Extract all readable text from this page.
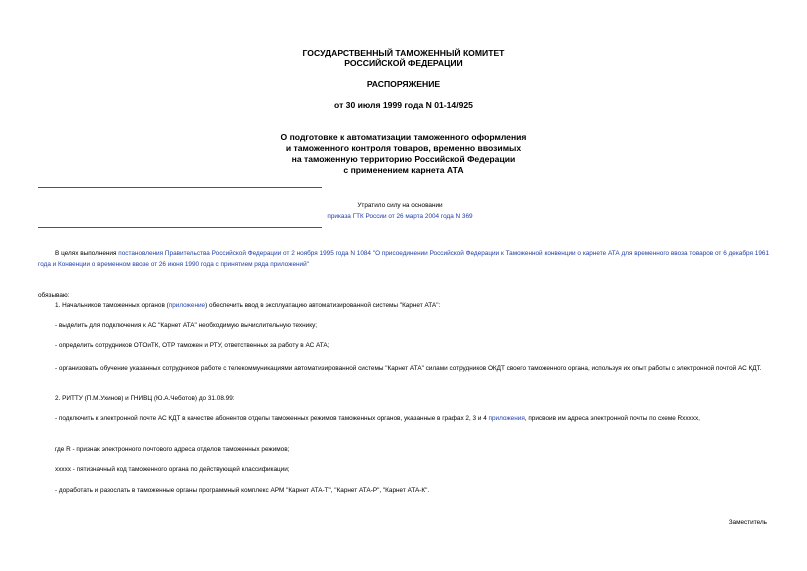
ГОСУДАРСТВЕННЫЙ ТАМОЖЕННЫЙ КОМИТЕТ
РОССИЙСКОЙ ФЕДЕРАЦИИ
РАСПОРЯЖЕНИЕ
от 30 июля 1999 года N 01-14/925
О подготовке к автоматизации таможенного оформления
и таможенного контроля товаров, временно ввозимых
на таможенную территорию Российской Федерации
с применением карнета АТА
Утратило силу на основании
приказа ГТК России от 26 марта 2004 года N 369
В целях выполнения постановления Правительства Российской Федерации от 2 ноября 1995 года N 1084 "О присоединении Российской Федерации к Таможенной конвенции о карнете АТА для временного ввоза товаров от 6 декабря 1961 года и Конвенции о временном ввозе от 26 июня 1990 года с принятием ряда приложений"
обязываю:
1. Начальников таможенных органов (приложение) обеспечить ввод в эксплуатацию автоматизированной системы "Карнет АТА":
- выделить для подключения к АС "Карнет АТА" необходимую вычислительную технику;
- определить сотрудников ОТОиТК, ОТР таможен и РТУ, ответственных за работу в АС АТА;
- организовать обучение указанных сотрудников работе с телекоммуникациями автоматизированной системы "Карнет АТА" силами сотрудников ОКДТ своего таможенного органа, используя их опыт работы с электронной почтой АС КДТ.
2. РИТТУ (П.М.Ухинов) и ГНИВЦ (Ю.А.Чеботов) до 31.08.99:
- подключить к электронной почте АС КДТ в качестве абонентов отделы таможенных режимов таможенных органов, указанные в графах 2, 3 и 4 приложения, присвоив им адреса электронной почты по схеме Rxxxxx,
где R - признак электронного почтового адреса отделов таможенных режимов;
xxxxx - пятизначный код таможенного органа по действующей классификации;
- доработать и разослать в таможенные органы программный комплекс АРМ "Карнет АТА-Т", "Карнет АТА-Р", "Карнет АТА-К".
Заместитель
